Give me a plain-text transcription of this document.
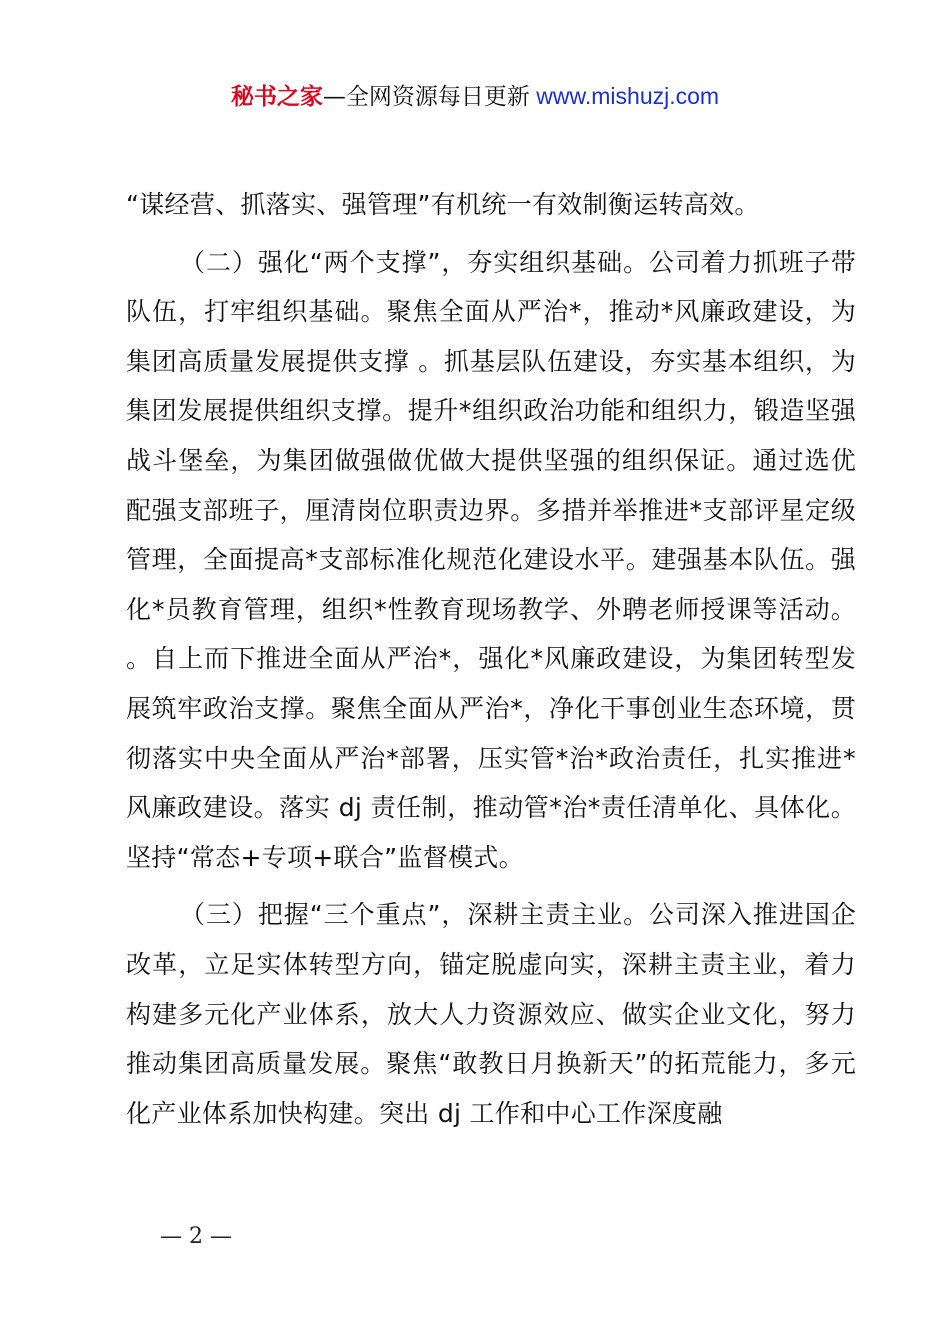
秘书之家—全网资源每日更新 www.mishuzj.com

“谋经营、抓落实、强管理”有机统一有效制衡运转高效。

（二）强化“两个支撑”，夯实组织基础。公司着力抓班子带队伍，打牢组织基础。聚焦全面从严治*，推动*风廉政建设，为集团高质量发展提供支撑 。抓基层队伍建设，夯实基本组织，为集团发展提供组织支撑。提升*组织政治功能和组织力，锻造坚强战斗堡垒，为集团做强做优做大提供坚强的组织保证。通过选优配强支部班子，厘清岗位职责边界。多措并举推进*支部评星定级管理，全面提高*支部标准化规范化建设水平。建强基本队伍。强化*员教育管理，组织*性教育现场教学、外聘老师授课等活动。 。自上而下推进全面从严治*，强化*风廉政建设，为集团转型发展筑牢政治支撑。聚焦全面从严治*，净化干事创业生态环境，贯彻落实中央全面从严治*部署，压实管*治*政治责任，扎实推进*风廉政建设。落实 dj 责任制，推动管*治*责任清单化、具体化。坚持“常态+专项+联合”监督模式。

（三）把握“三个重点”，深耕主责主业。公司深入推进国企改革，立足实体转型方向，锚定脱虚向实，深耕主责主业，着力构建多元化产业体系，放大人力资源效应、做实企业文化，努力推动集团高质量发展。聚焦“敢教日月换新天”的拓荒能力，多元化产业体系加快构建。突出 dj 工作和中心工作深度融

— 2 —
